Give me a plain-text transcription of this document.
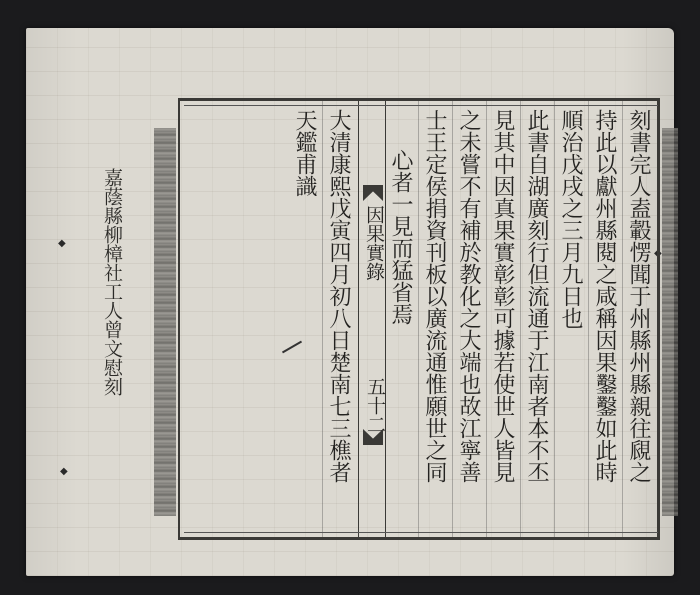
◆
◆
◆
嘉蔭縣柳樟社工人曾文慰刻	刻書完人盍轂愣聞于州縣州縣親往覛之
持此以獻州縣閱之咸稱因果鑿鑿如此時
順治戊戌之三月九日也
此書自湖廣刻行但流通于江南者本不丕
見其中因真果實彰彰可據若使世人皆見
之未嘗不有補於教化之大端也故江寧善
士王定侯捐資刊板以廣流通惟願世之同
心者一見而猛省焉
因果實錄
五十二
大清康熙戊寅四月初八日楚南七三樵者
天鑑甫識
